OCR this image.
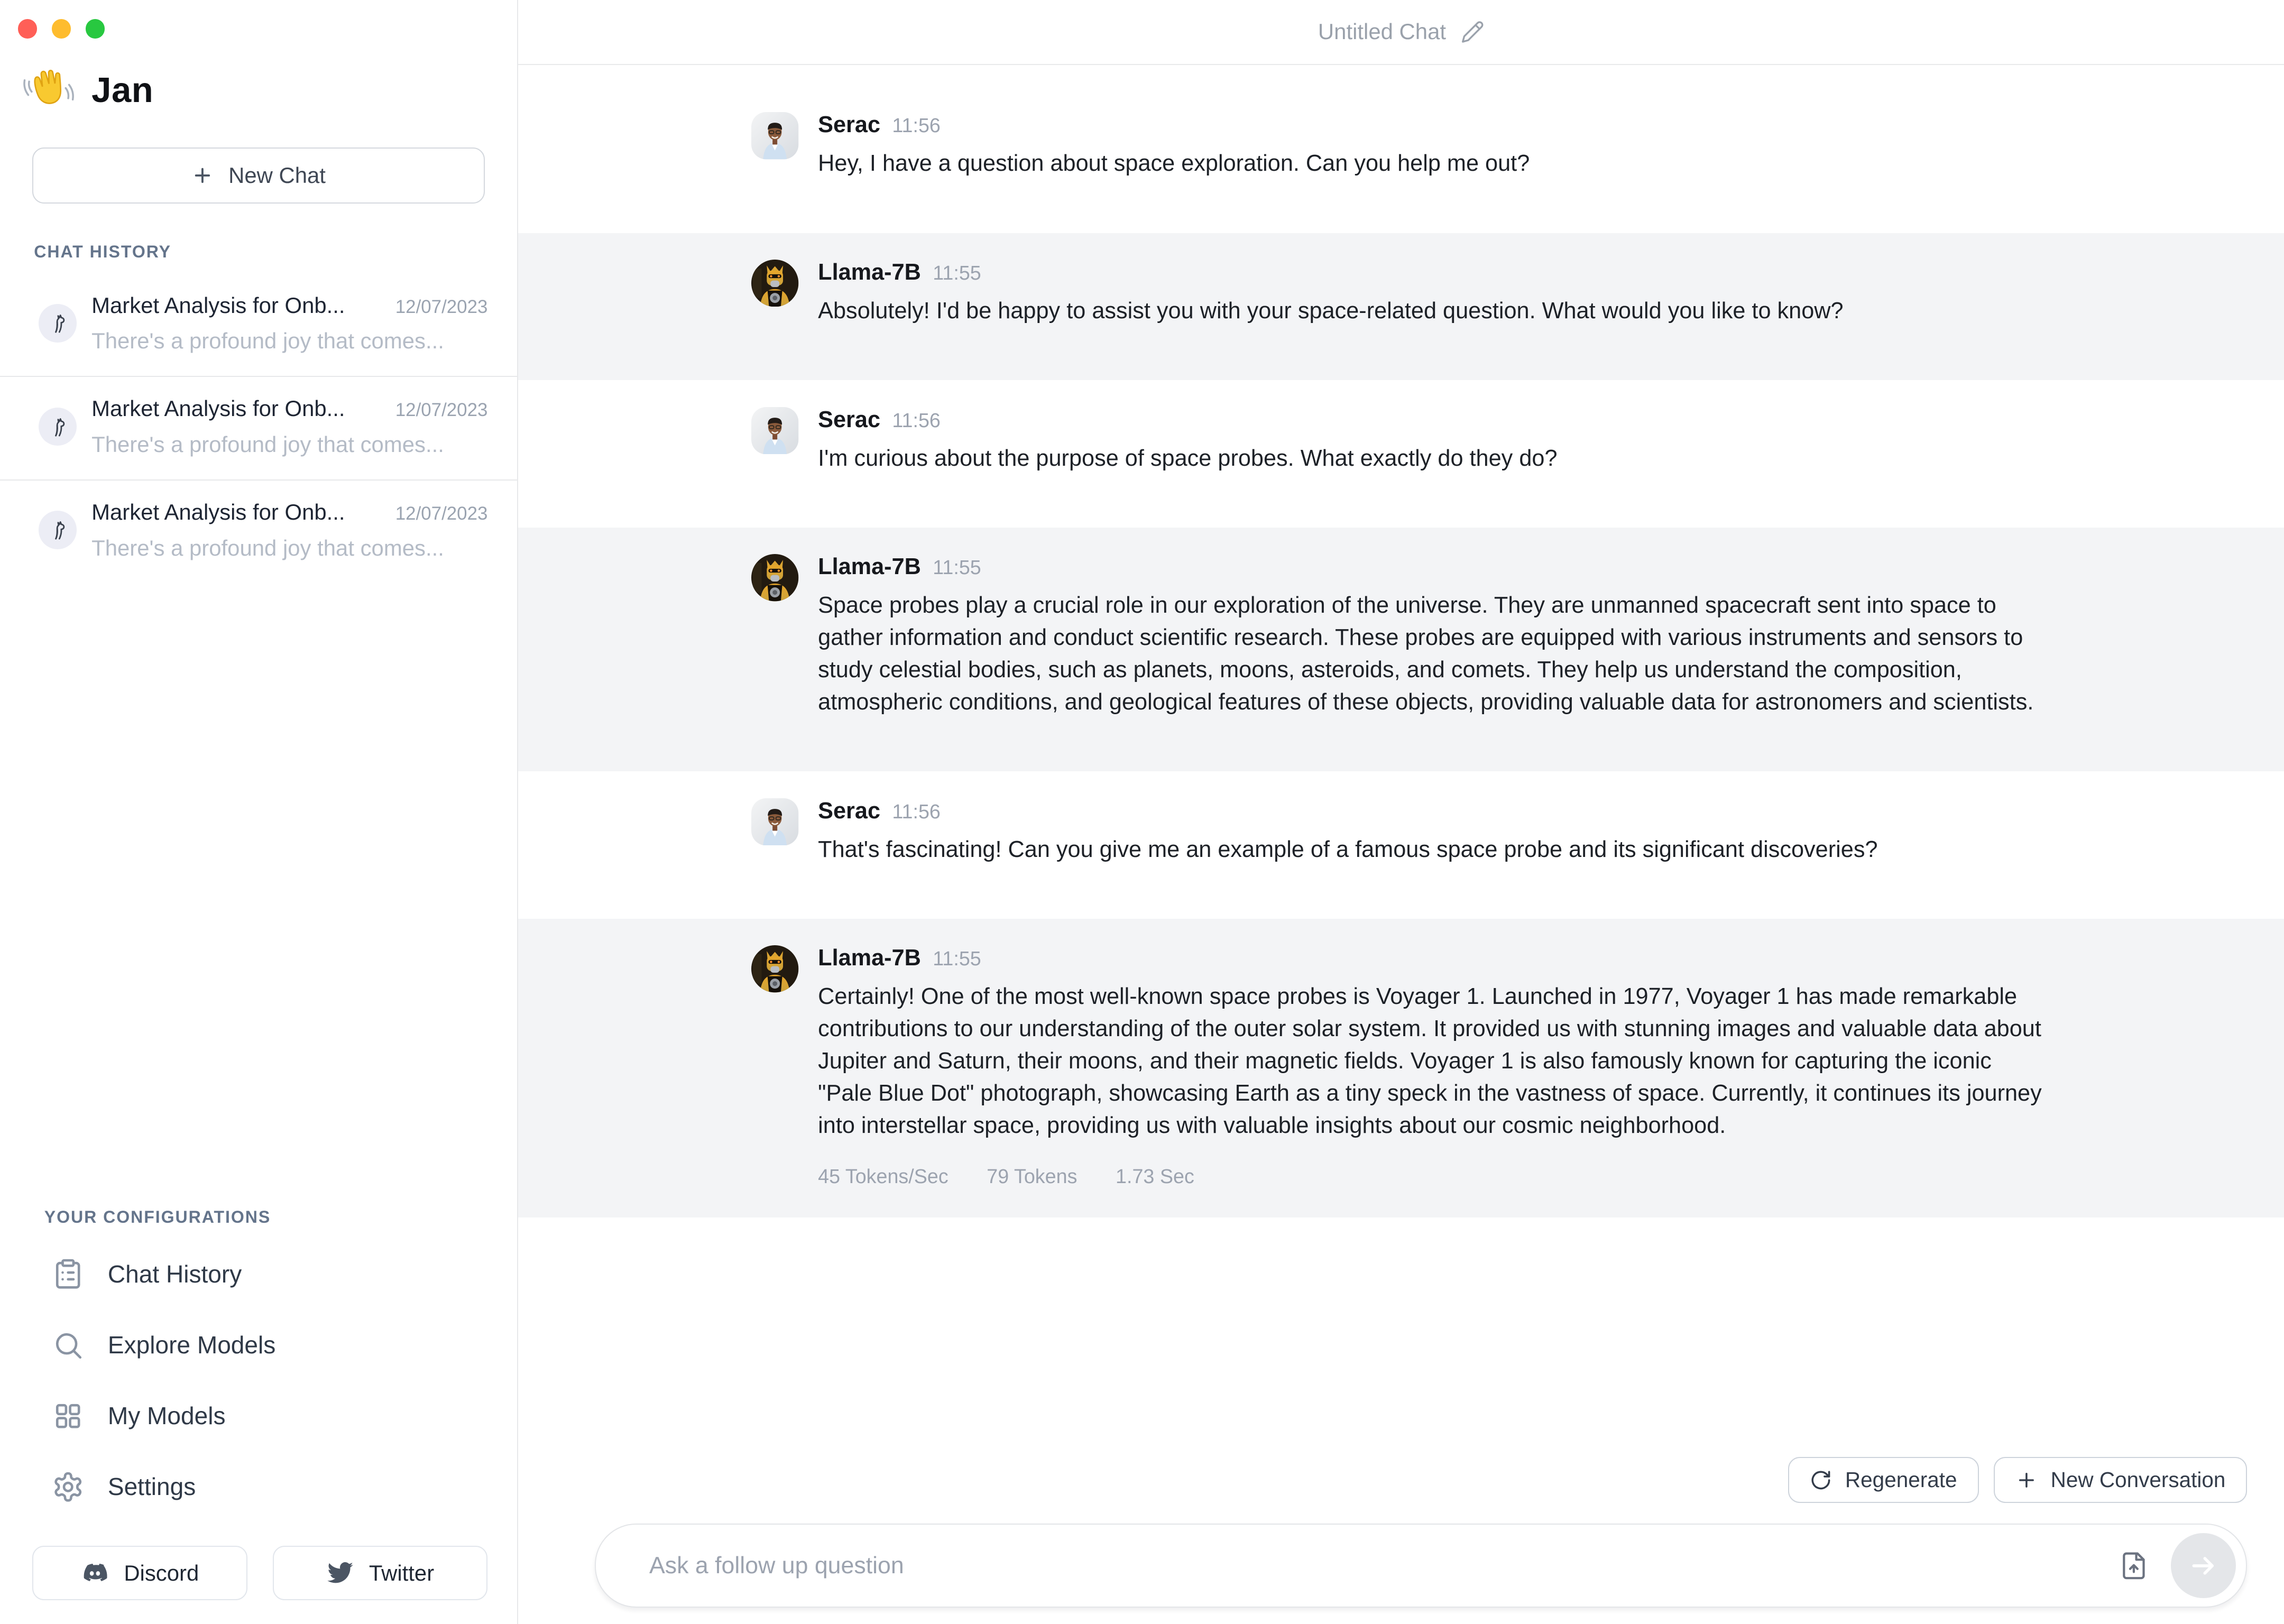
Jan
New Chat
CHAT HISTORY
Market Analysis for Onb...	12/07/2023
There's a profound joy that comes...
Market Analysis for Onb...	12/07/2023
There's a profound joy that comes...
Market Analysis for Onb...	12/07/2023
There's a profound joy that comes...
YOUR CONFIGURATIONS
Chat History
Explore Models
My Models
Settings
Discord	Twitter
Untitled Chat
Serac 11:56
Hey, I have a question about space exploration. Can you help me out?
Llama-7B 11:55
Absolutely! I'd be happy to assist you with your space-related question. What would you like to know?
Serac 11:56
I'm curious about the purpose of space probes. What exactly do they do?
Llama-7B 11:55
Space probes play a crucial role in our exploration of the universe. They are unmanned spacecraft sent into space to gather information and conduct scientific research. These probes are equipped with various instruments and sensors to study celestial bodies, such as planets, moons, asteroids, and comets. They help us understand the composition, atmospheric conditions, and geological features of these objects, providing valuable data for astronomers and scientists.
Serac 11:56
That's fascinating! Can you give me an example of a famous space probe and its significant discoveries?
Llama-7B 11:55
Certainly! One of the most well-known space probes is Voyager 1. Launched in 1977, Voyager 1 has made remarkable contributions to our understanding of the outer solar system. It provided us with stunning images and valuable data about Jupiter and Saturn, their moons, and their magnetic fields. Voyager 1 is also famously known for capturing the iconic "Pale Blue Dot" photograph, showcasing Earth as a tiny speck in the vastness of space. Currently, it continues its journey into interstellar space, providing us with valuable insights about our cosmic neighborhood.
45 Tokens/Sec	79 Tokens	1.73 Sec
Regenerate	New Conversation
Ask a follow up question
